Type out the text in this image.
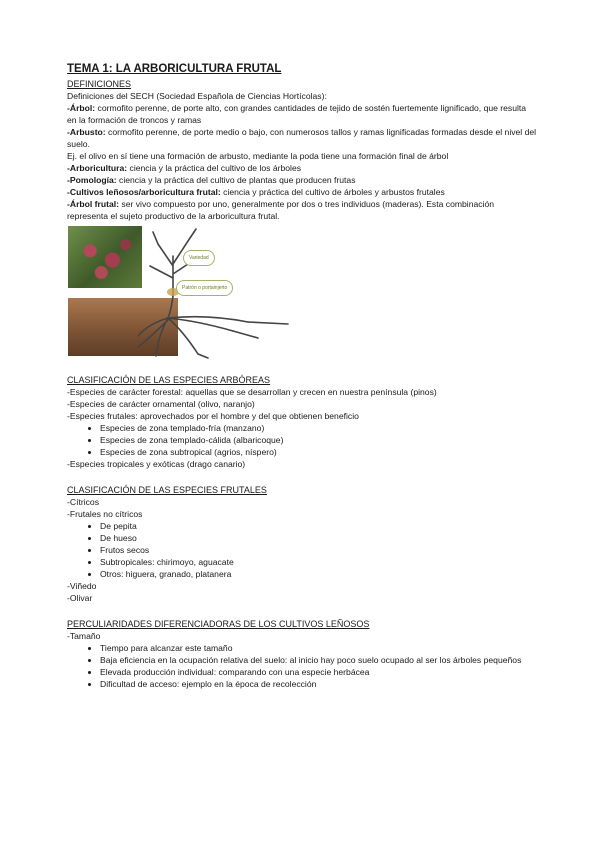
TEMA 1: LA ARBORICULTURA FRUTAL

DEFINICIONES

Definiciones del SECH (Sociedad Española de Ciencias Hortícolas):

-Árbol: cormofito perenne, de porte alto, con grandes cantidades de tejido de sostén fuertemente lignificado, que resulta en la formación de troncos y ramas

-Arbusto: cormofito perenne, de porte medio o bajo, con numerosos tallos y ramas lignificadas formadas desde el nivel del suelo.

Ej. el olivo en sí tiene una formación de arbusto, mediante la poda tiene una formación final de árbol

-Arboricultura: ciencia y la práctica del cultivo de los árboles

-Pomología: ciencia y la práctica del cultivo de plantas que producen frutas

-Cultivos leñosos/arboricultura frutal: ciencia y práctica del cultivo de árboles y arbustos frutales

-Árbol frutal: ser vivo compuesto por uno, generalmente por dos o tres individuos (maderas). Esta combinación representa el sujeto productivo de la arboricultura frutal.

Variedad
Patrón o portainjerto

CLASIFICACIÓN DE LAS ESPECIES ARBÓREAS

-Especies de carácter forestal: aquellas que se desarrollan y crecen en nuestra península (pinos)

-Especies de carácter ornamental (olivo, naranjo)

-Especies frutales: aprovechados por el hombre y del que obtienen beneficio

• Especies de zona templado-fría (manzano)
• Especies de zona templado-cálida (albaricoque)
• Especies de zona subtropical (agrios, níspero)

-Especies tropicales y exóticas (drago canario)

CLASIFICACIÓN DE LAS ESPECIES FRUTALES

-Cítricos

-Frutales no cítricos

• De pepita
• De hueso
• Frutos secos
• Subtropicales: chirimoyo, aguacate
• Otros: higuera, granado, platanera

-Viñedo

-Olivar

PERCULIARIDADES DIFERENCIADORAS DE LOS CULTIVOS LEÑOSOS

-Tamaño

• Tiempo para alcanzar este tamaño
• Baja eficiencia en la ocupación relativa del suelo: al inicio hay poco suelo ocupado al ser los árboles pequeños
• Elevada producción individual: comparando con una especie herbácea
• Dificultad de acceso: ejemplo en la época de recolección
